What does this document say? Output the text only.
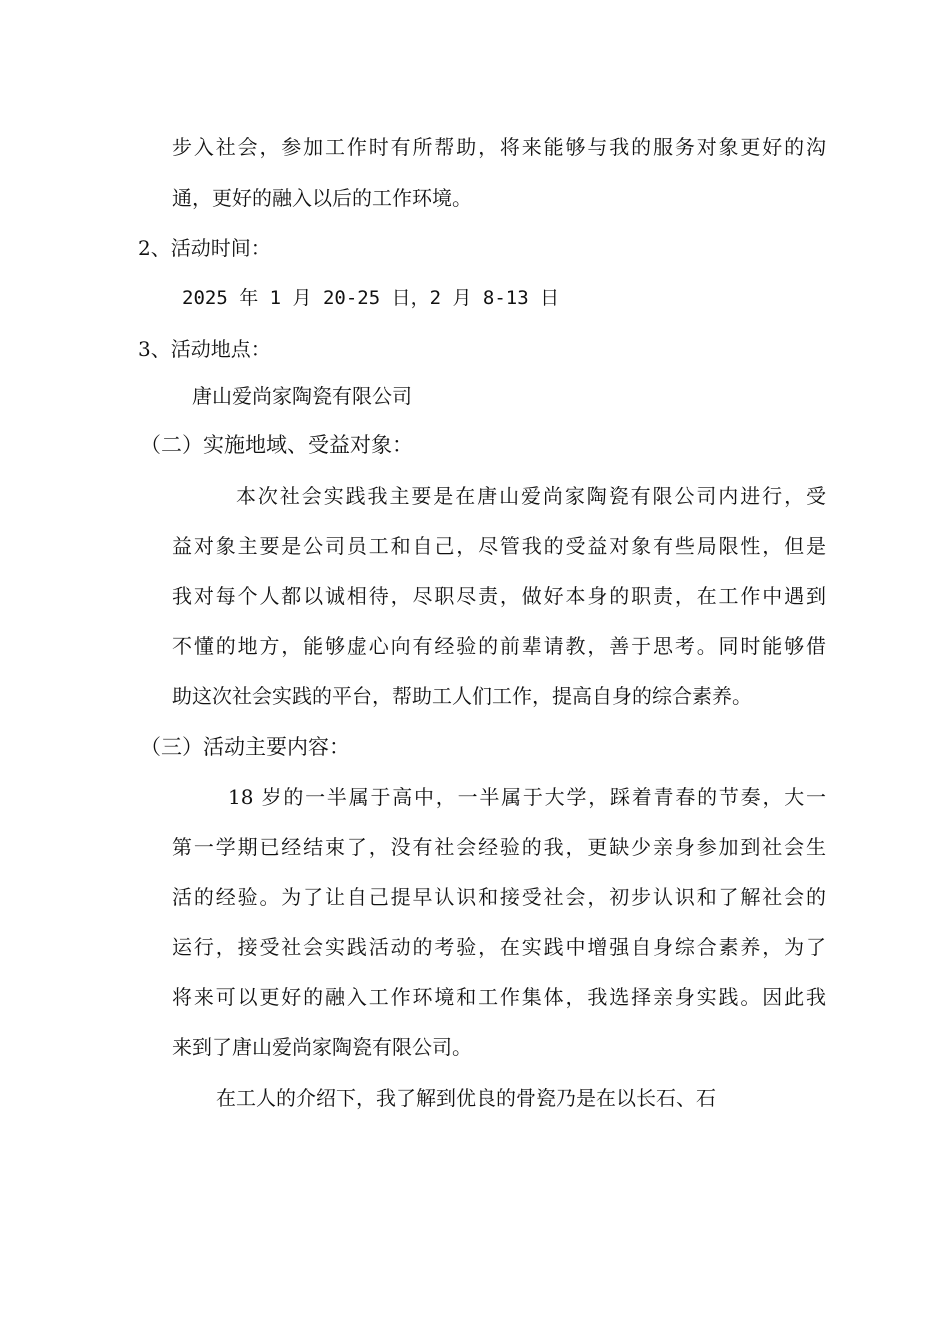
步入社会，参加工作时有所帮助，将来能够与我的服务对象更好的沟
通，更好的融入以后的工作环境。
2、活动时间：
2025 年 1 月 20-25 日，2 月 8-13 日
3、活动地点：
唐山爱尚家陶瓷有限公司
（二）实施地域、受益对象：
本次社会实践我主要是在唐山爱尚家陶瓷有限公司内进行，受
益对象主要是公司员工和自己，尽管我的受益对象有些局限性，但是
我对每个人都以诚相待，尽职尽责，做好本身的职责，在工作中遇到
不懂的地方，能够虚心向有经验的前辈请教，善于思考。同时能够借
助这次社会实践的平台，帮助工人们工作，提高自身的综合素养。
（三）活动主要内容：
18 岁的一半属于高中，一半属于大学，踩着青春的节奏，大一
第一学期已经结束了，没有社会经验的我，更缺少亲身参加到社会生
活的经验。为了让自己提早认识和接受社会，初步认识和了解社会的
运行，接受社会实践活动的考验，在实践中增强自身综合素养，为了
将来可以更好的融入工作环境和工作集体，我选择亲身实践。因此我
来到了唐山爱尚家陶瓷有限公司。
在工人的介绍下，我了解到优良的骨瓷乃是在以长石、石
